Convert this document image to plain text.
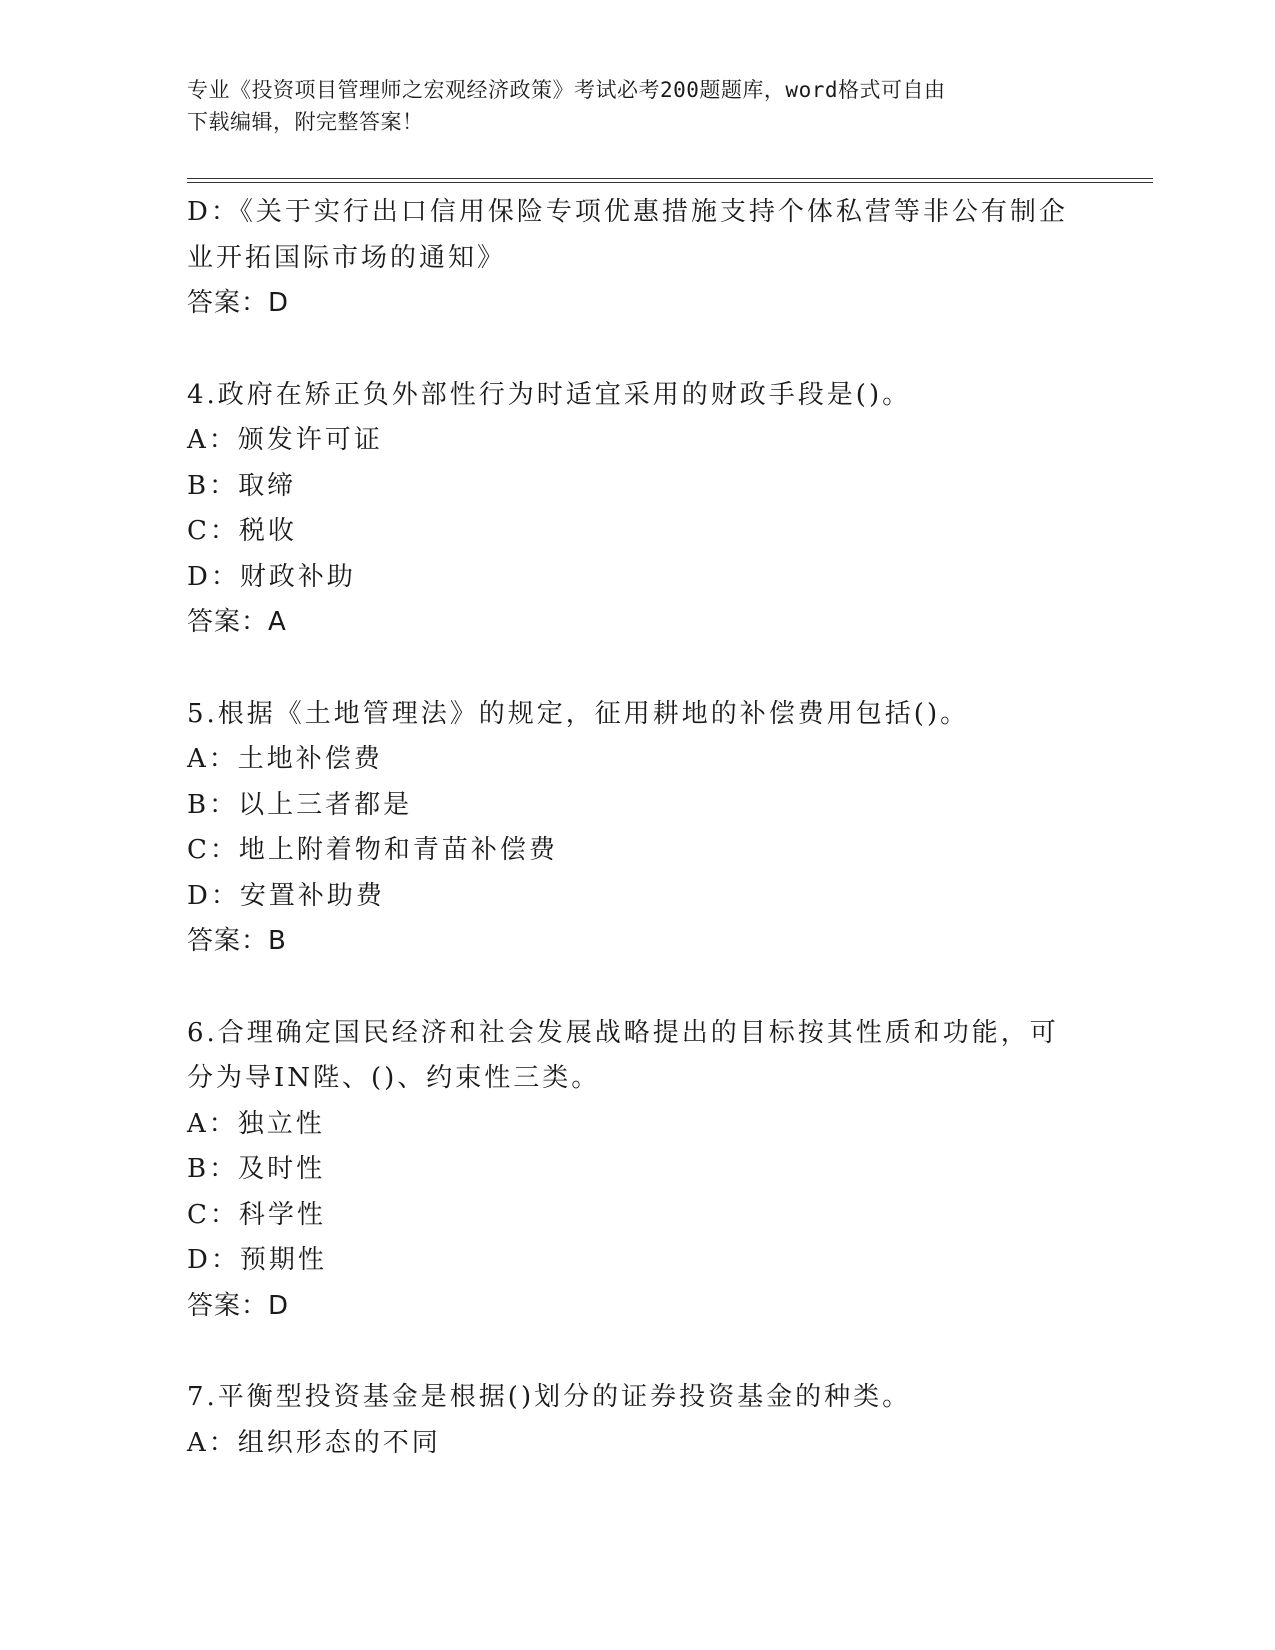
专业《投资项目管理师之宏观经济政策》考试必考200题题库，word格式可自由
下载编辑，附完整答案！
D：《关于实行出口信用保险专项优惠措施支持个体私营等非公有制企
业开拓国际市场的通知》
答案：D
4.政府在矫正负外部性行为时适宜采用的财政手段是()。
A：颁发许可证
B：取缔
C：税收
D：财政补助
答案：A
5.根据《土地管理法》的规定，征用耕地的补偿费用包括()。
A：土地补偿费
B：以上三者都是
C：地上附着物和青苗补偿费
D：安置补助费
答案：B
6.合理确定国民经济和社会发展战略提出的目标按其性质和功能，可
分为导IN陛、()、约束性三类。
A：独立性
B：及时性
C：科学性
D：预期性
答案：D
7.平衡型投资基金是根据()划分的证券投资基金的种类。
A：组织形态的不同
